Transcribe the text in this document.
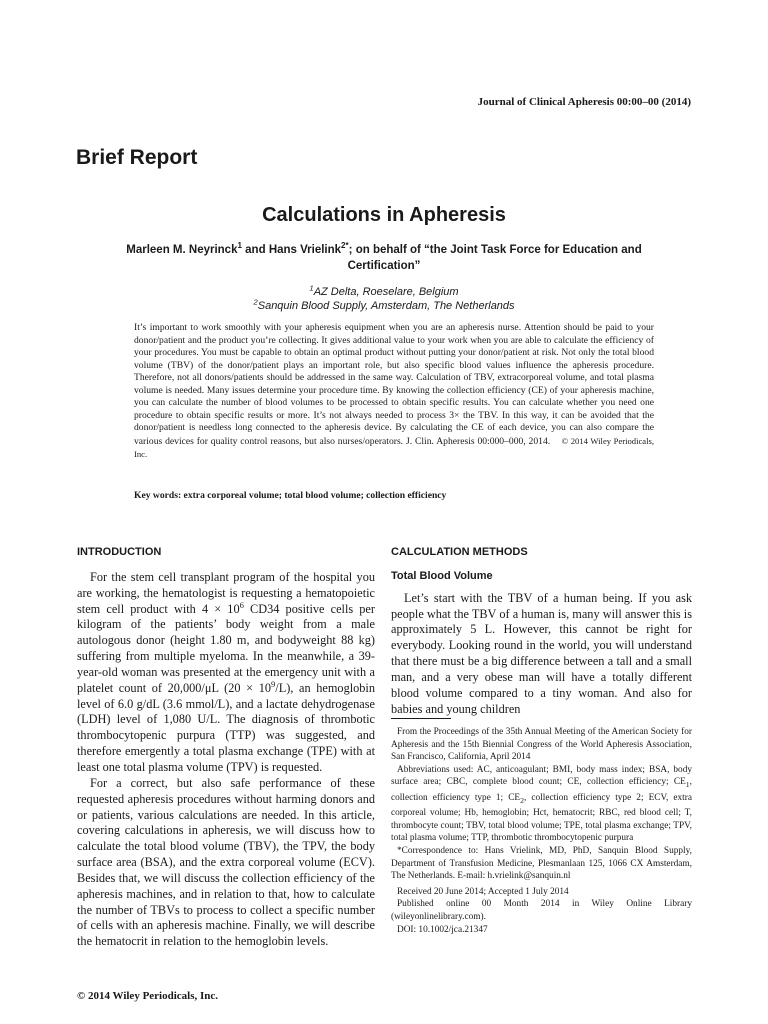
Journal of Clinical Apheresis 00:00–00 (2014)
Brief Report
Calculations in Apheresis
Marleen M. Neyrinck$^1$ and Hans Vrielink$^{2*}$; on behalf of “the Joint Task Force for Education and Certification”
$^1$AZ Delta, Roeselare, Belgium
$^2$Sanquin Blood Supply, Amsterdam, The Netherlands
It’s important to work smoothly with your apheresis equipment when you are an apheresis nurse. Attention should be paid to your donor/patient and the product you’re collecting. It gives additional value to your work when you are able to calculate the efficiency of your procedures. You must be capable to obtain an optimal product without putting your donor/patient at risk. Not only the total blood volume (TBV) of the donor/patient plays an important role, but also specific blood values influence the apheresis procedure. Therefore, not all donors/patients should be addressed in the same way. Calculation of TBV, extracorporeal volume, and total plasma volume is needed. Many issues determine your procedure time. By knowing the collection efficiency (CE) of your apheresis machine, you can calculate the number of blood volumes to be processed to obtain specific results. You can calculate whether you need one procedure to obtain specific results or more. It’s not always needed to process 3× the TBV. In this way, it can be avoided that the donor/patient is needless long connected to the apheresis device. By calculating the CE of each device, you can also compare the various devices for quality control reasons, but also nurses/operators. J. Clin. Apheresis 00:000–000, 2014. © 2014 Wiley Periodicals, Inc.
Key words: extra corporeal volume; total blood volume; collection efficiency
INTRODUCTION

For the stem cell transplant program of the hospital you are working, the hematologist is requesting a hematopoietic stem cell product with $4 \times 10^6$ CD34 positive cells per kilogram of the patients’ body weight from a male autologous donor (height 1.80 m, and bodyweight 88 kg) suffering from multiple myeloma. In the meanwhile, a 39-year-old woman was presented at the emergency unit with a platelet count of 20,000/μL $(20 \times 10^9/L)$, an hemoglobin level of 6.0 g/dL (3.6 mmol/L), and a lactate dehydrogenase (LDH) level of 1,080 U/L. The diagnosis of thrombotic thrombocytopenic purpura (TTP) was suggested, and therefore emergently a total plasma exchange (TPE) with at least one total plasma volume (TPV) is requested.

For a correct, but also safe performance of these requested apheresis procedures without harming donors and or patients, various calculations are needed. In this article, covering calculations in apheresis, we will discuss how to calculate the total blood volume (TBV), the TPV, the body surface area (BSA), and the extra corporeal volume (ECV). Besides that, we will discuss the collection efficiency of the apheresis machines, and in relation to that, how to calculate the number of TBVs to process to collect a specific number of cells with an apheresis machine. Finally, we will describe the hematocrit in relation to the hemoglobin levels.

CALCULATION METHODS
Total Blood Volume

Let’s start with the TBV of a human being. If you ask people what the TBV of a human is, many will answer this is approximately 5 L. However, this cannot be right for everybody. Looking round in the world, you will understand that there must be a big difference between a tall and a small man, and a very obese man will have a totally different blood volume compared to a tiny woman. And also for babies and young children

From the Proceedings of the 35th Annual Meeting of the American Society for Apheresis and the 15th Biennial Congress of the World Apheresis Association, San Francisco, California, April 2014

Abbreviations used: AC, anticoagulant; BMI, body mass index; BSA, body surface area; CBC, complete blood count; CE, collection efficiency; $CE_1$, collection efficiency type 1; $CE_2$, collection efficiency type 2; ECV, extra corporeal volume; Hb, hemoglobin; Hct, hematocrit; RBC, red blood cell; T, thrombocyte count; TBV, total blood volume; TPE, total plasma exchange; TPV, total plasma volume; TTP, thrombotic thrombocytopenic purpura

*Correspondence to: Hans Vrielink, MD, PhD, Sanquin Blood Supply, Department of Transfusion Medicine, Plesmanlaan 125, 1066 CX Amsterdam, The Netherlands. E-mail: h.vrielink@sanquin.nl

Received 20 June 2014; Accepted 1 July 2014

Published online 00 Month 2014 in Wiley Online Library (wileyonlinelibrary.com).

DOI: 10.1002/jca.21347

© 2014 Wiley Periodicals, Inc.
